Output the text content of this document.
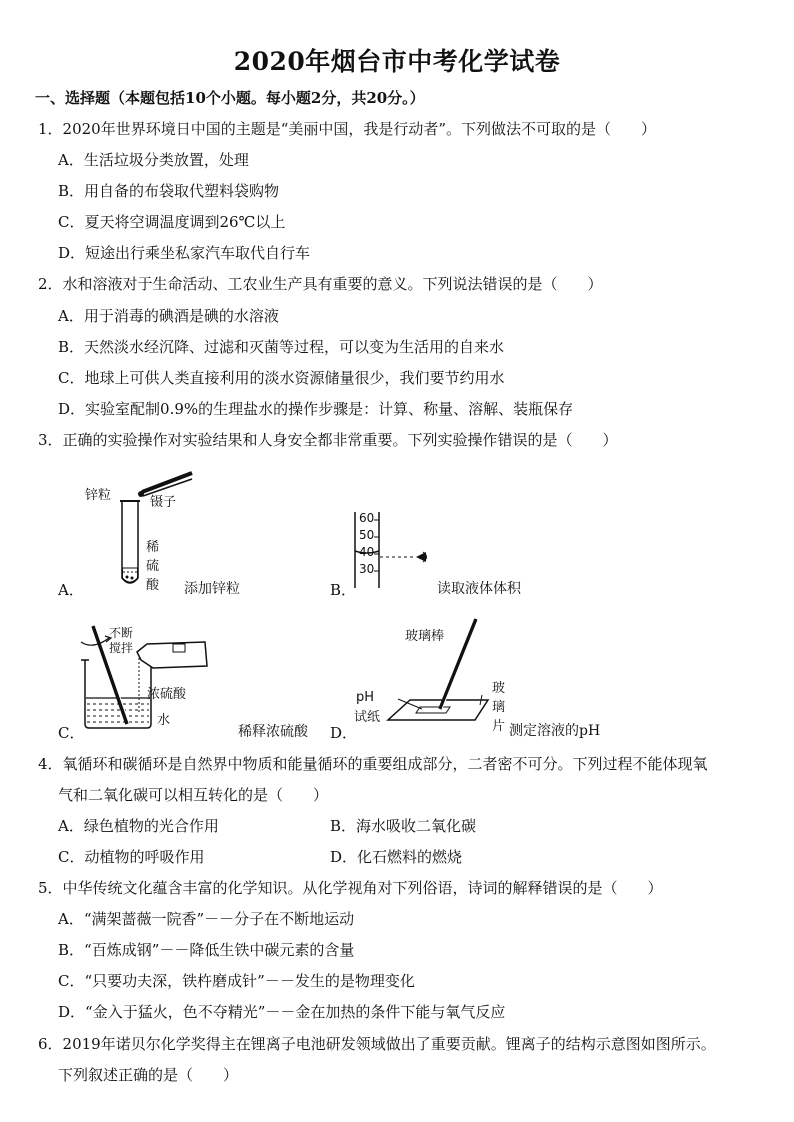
2020年烟台市中考化学试卷
一、选择题（本题包括10个小题。每小题2分，共20分。）
1．2020年世界环境日中国的主题是“美丽中国，我是行动者”。下列做法不可取的是（　　）
A．生活垃圾分类放置，处理
B．用自备的布袋取代塑料袋购物
C．夏天将空调温度调到26℃以上
D．短途出行乘坐私家汽车取代自行车
2．水和溶液对于生命活动、工农业生产具有重要的意义。下列说法错误的是（　　）
A．用于消毒的碘酒是碘的水溶液
B．天然淡水经沉降、过滤和灭菌等过程，可以变为生活用的自来水
C．地球上可供人类直接利用的淡水资源储量很少，我们要节约用水
D．实验室配制0.9%的生理盐水的操作步骤是：计算、称量、溶解、装瓶保存
3．正确的实验操作对实验结果和人身安全都非常重要。下列实验操作错误的是（　　）
锌粒	镊子
稀
硫
酸
A．	添加锌粒
60
50
40
30
B．	读取液体体积
不断
搅拌
浓硫酸
水
C．	稀释浓硫酸
玻璃棒
pH
试纸
玻
璃
片
D．	测定溶液的pH
4．氧循环和碳循环是自然界中物质和能量循环的重要组成部分，二者密不可分。下列过程不能体现氧
气和二氧化碳可以相互转化的是（　　）
A．绿色植物的光合作用	B．海水吸收二氧化碳
C．动植物的呼吸作用	D．化石燃料的燃烧
5．中华传统文化蕴含丰富的化学知识。从化学视角对下列俗语，诗词的解释错误的是（　　）
A．“满架蔷薇一院香”－－分子在不断地运动
B．“百炼成钢”－－降低生铁中碳元素的含量
C．“只要功夫深，铁杵磨成针”－－发生的是物理变化
D．“金入于猛火，色不夺精光”－－金在加热的条件下能与氧气反应
6．2019年诺贝尔化学奖得主在锂离子电池研发领域做出了重要贡献。锂离子的结构示意图如图所示。
下列叙述正确的是（　　）
